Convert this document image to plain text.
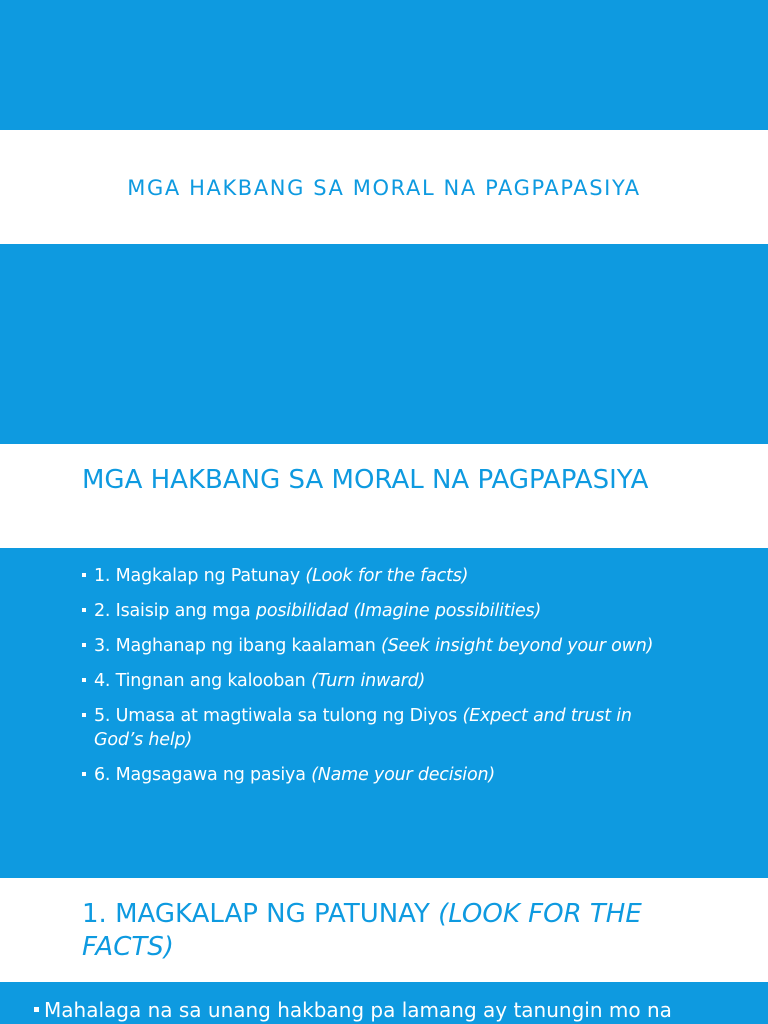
MGA HAKBANG SA MORAL NA PAGPAPASIYA
MGA HAKBANG SA MORAL NA PAGPAPASIYA
1. Magkalap ng Patunay (Look for the facts)
2. Isaisip ang mga posibilidad (Imagine possibilities)
3. Maghanap ng ibang kaalaman (Seek insight beyond your own)
4. Tingnan ang kalooban (Turn inward)
5. Umasa at magtiwala sa tulong ng Diyos (Expect and trust in God’s help)
6. Magsagawa ng pasiya (Name your decision)
1. MAGKALAP NG PATUNAY (LOOK FOR THE FACTS)

Mahalaga na sa unang hakbang pa lamang ay tanungin mo na
